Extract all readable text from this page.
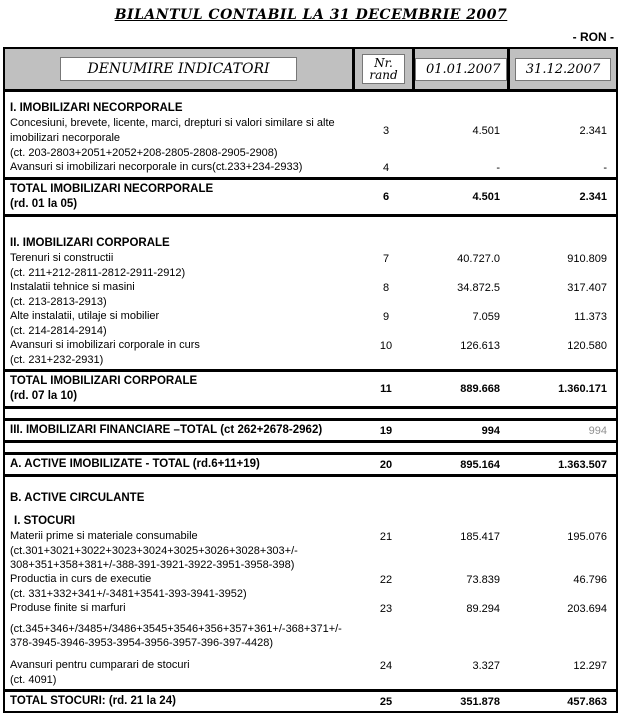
BILANTUL CONTABIL LA 31 DECEMBRIE 2007
- RON -
DENUMIRE INDICATORI	Nr.
rand	01.01.2007	31.12.2007
I. IMOBILIZARI NECORPORALE
Concesiuni, brevete, licente, marci, drepturi si valori similare si alte
imobilizari necorporale
3	4.501	2.341
(ct. 203-2803+2051+2052+208-2805-2808-2905-2908)
Avansuri si imobilizari necorporale in curs(ct.233+234-2933)	4	-	-
TOTAL IMOBILIZARI NECORPORALE
(rd. 01 la 05)
6	4.501	2.341
II. IMOBILIZARI CORPORALE
Terenuri si constructii	7	40.727.0	910.809
(ct. 211+212-2811-2812-2911-2912)
Instalatii tehnice si masini	8	34.872.5	317.407
(ct. 213-2813-2913)
Alte instalatii, utilaje si mobilier	9	7.059	11.373
(ct. 214-2814-2914)
Avansuri si imobilizari corporale in curs	10	126.613	120.580
(ct. 231+232-2931)
TOTAL IMOBILIZARI CORPORALE
(rd. 07 la 10)
11	889.668	1.360.171
III. IMOBILIZARI FINANCIARE –TOTAL (ct 262+2678-2962)	19	994	994
A. ACTIVE IMOBILIZATE - TOTAL (rd.6+11+19)	20	895.164	1.363.507
B. ACTIVE CIRCULANTE
I. STOCURI
Materii prime si materiale consumabile	21	185.417	195.076
(ct.301+3021+3022+3023+3024+3025+3026+3028+303+/-
308+351+358+381+/-388-391-3921-3922-3951-3958-398)
Productia in curs de executie	22	73.839	46.796
(ct. 331+332+341+/-3481+3541-393-3941-3952)
Produse finite si marfuri	23	89.294	203.694
(ct.345+346+/3485+/3486+3545+3546+356+357+361+/-368+371+/-
378-3945-3946-3953-3954-3956-3957-396-397-4428)
Avansuri pentru cumparari de stocuri	24	3.327	12.297
(ct. 4091)
TOTAL STOCURI: (rd. 21 la 24)	25	351.878	457.863
